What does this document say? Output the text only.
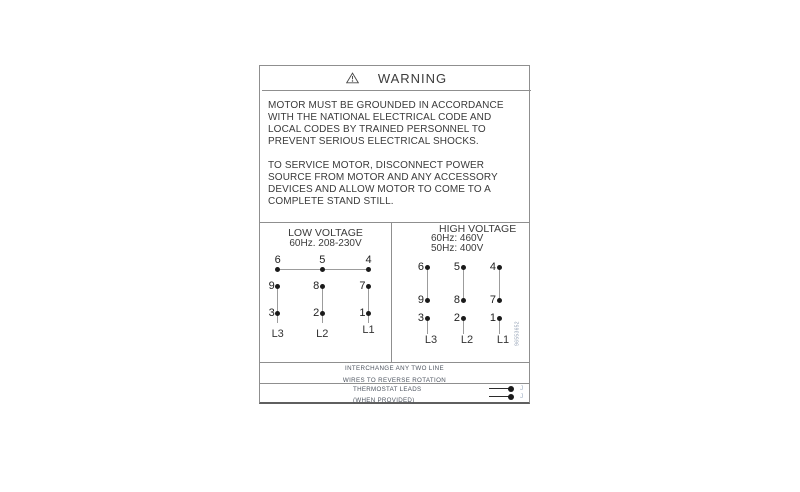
WARNING
MOTOR MUST BE GROUNDED IN ACCORDANCE
WITH THE NATIONAL ELECTRICAL CODE AND
LOCAL CODES BY TRAINED PERSONNEL TO
PREVENT SERIOUS ELECTRICAL SHOCKS.
TO SERVICE MOTOR, DISCONNECT POWER
SOURCE FROM MOTOR AND ANY ACCESSORY
DEVICES AND ALLOW MOTOR TO COME TO A
COMPLETE STAND STILL.
LOW VOLTAGE
60Hz. 208-230V
6	5	4
9	8	7
3	2	1
L3	L2	L1
HIGH VOLTAGE
60Hz: 460V
50Hz: 400V
6	5	4
9	8	7
3	2	1
L3	L2	L1	96553652
INTERCHANGE ANY TWO LINE
WIRES TO REVERSE ROTATION
THERMOSTAT LEADS
(WHEN PROVIDED)
J
J
